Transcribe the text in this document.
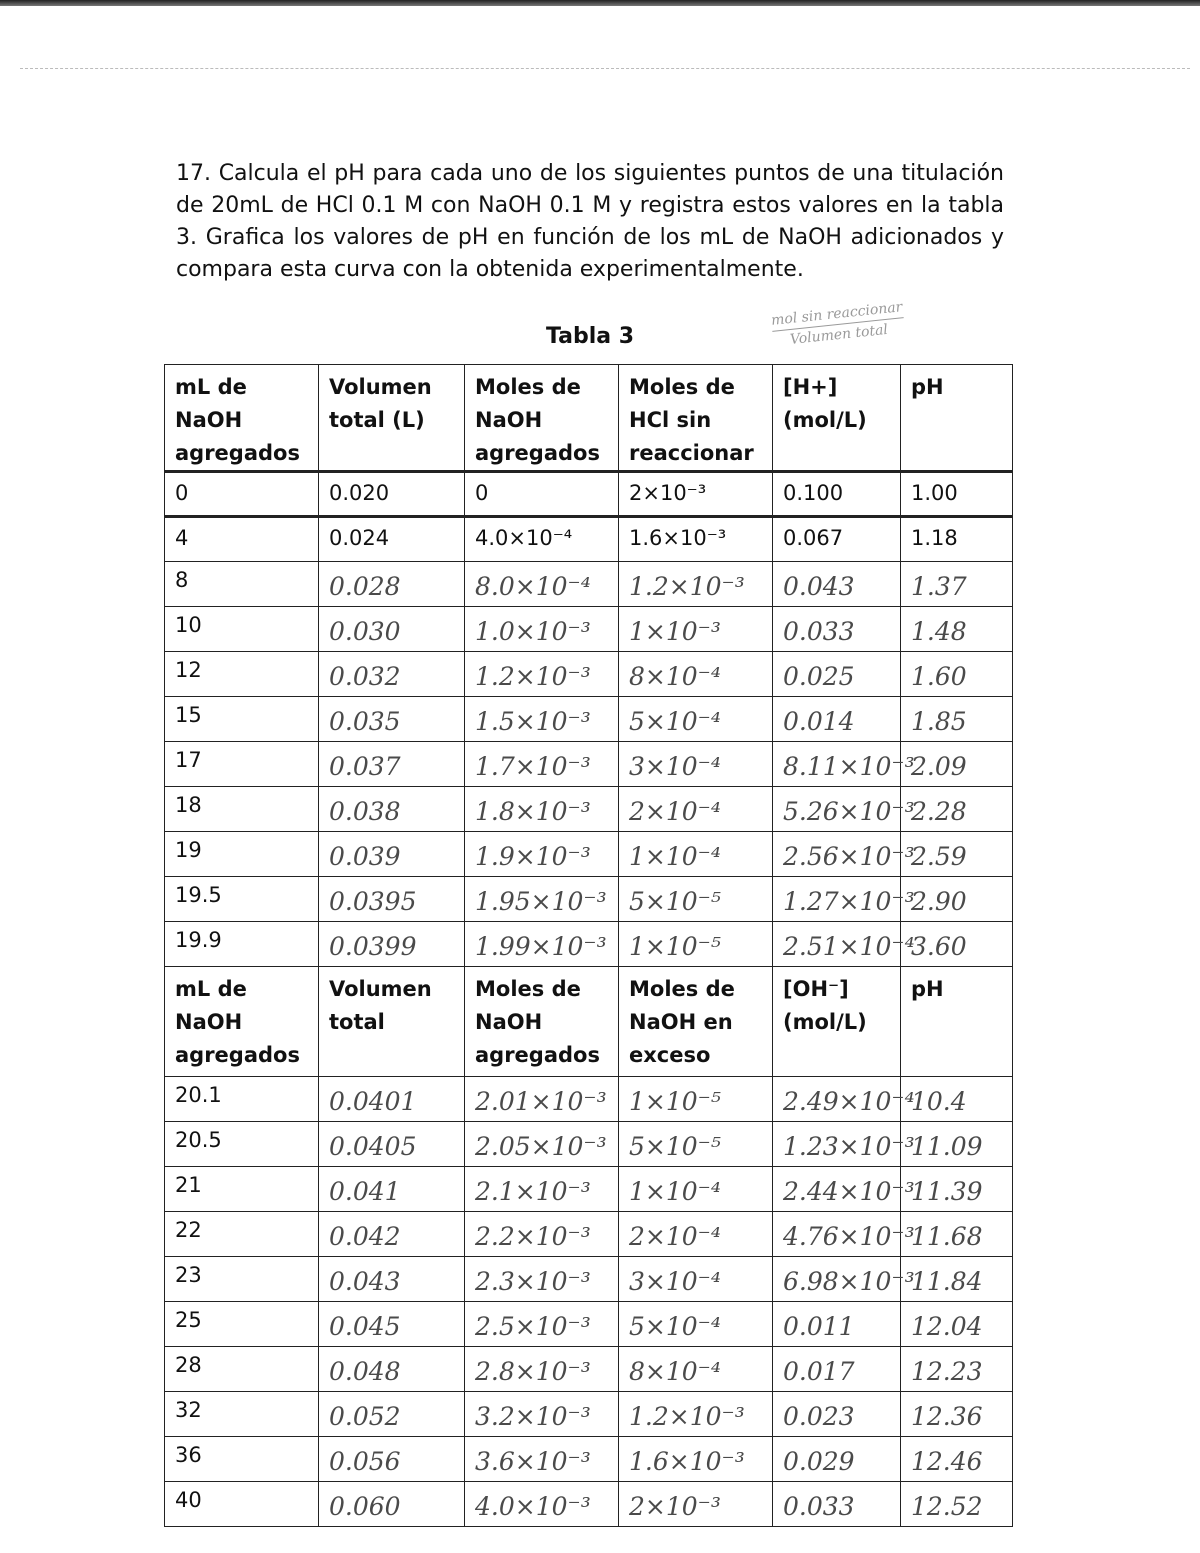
17. Calcula el pH para cada uno de los siguientes puntos de una titulación de 20mL de HCl 0.1 M con NaOH 0.1 M y registra estos valores en la tabla 3. Grafica los valores de pH en función de los mL de NaOH adicionados y compara esta curva con la obtenida experimentalmente.
Tabla 3
mol sin reaccionar
Volumen total
mL de NaOH agregados	Volumen total (L)	Moles de NaOH agregados	Moles de HCl sin reaccionar	[H+] (mol/L)	pH
0	0.020	0	2×10⁻³	0.100	1.00
4	0.024	4.0×10⁻⁴	1.6×10⁻³	0.067	1.18
8	0.028	8.0×10⁻⁴	1.2×10⁻³	0.043	1.37
10	0.030	1.0×10⁻³	1×10⁻³	0.033	1.48
12	0.032	1.2×10⁻³	8×10⁻⁴	0.025	1.60
15	0.035	1.5×10⁻³	5×10⁻⁴	0.014	1.85
17	0.037	1.7×10⁻³	3×10⁻⁴	8.11×10⁻³	2.09
18	0.038	1.8×10⁻³	2×10⁻⁴	5.26×10⁻³	2.28
19	0.039	1.9×10⁻³	1×10⁻⁴	2.56×10⁻³	2.59
19.5	0.0395	1.95×10⁻³	5×10⁻⁵	1.27×10⁻³	2.90
19.9	0.0399	1.99×10⁻³	1×10⁻⁵	2.51×10⁻⁴	3.60
mL de NaOH agregados	Volumen total	Moles de NaOH agregados	Moles de NaOH en exceso	[OH⁻] (mol/L)	pH
20.1	0.0401	2.01×10⁻³	1×10⁻⁵	2.49×10⁻⁴	10.4
20.5	0.0405	2.05×10⁻³	5×10⁻⁵	1.23×10⁻³	11.09
21	0.041	2.1×10⁻³	1×10⁻⁴	2.44×10⁻³	11.39
22	0.042	2.2×10⁻³	2×10⁻⁴	4.76×10⁻³	11.68
23	0.043	2.3×10⁻³	3×10⁻⁴	6.98×10⁻³	11.84
25	0.045	2.5×10⁻³	5×10⁻⁴	0.011	12.04
28	0.048	2.8×10⁻³	8×10⁻⁴	0.017	12.23
32	0.052	3.2×10⁻³	1.2×10⁻³	0.023	12.36
36	0.056	3.6×10⁻³	1.6×10⁻³	0.029	12.46
40	0.060	4.0×10⁻³	2×10⁻³	0.033	12.52
